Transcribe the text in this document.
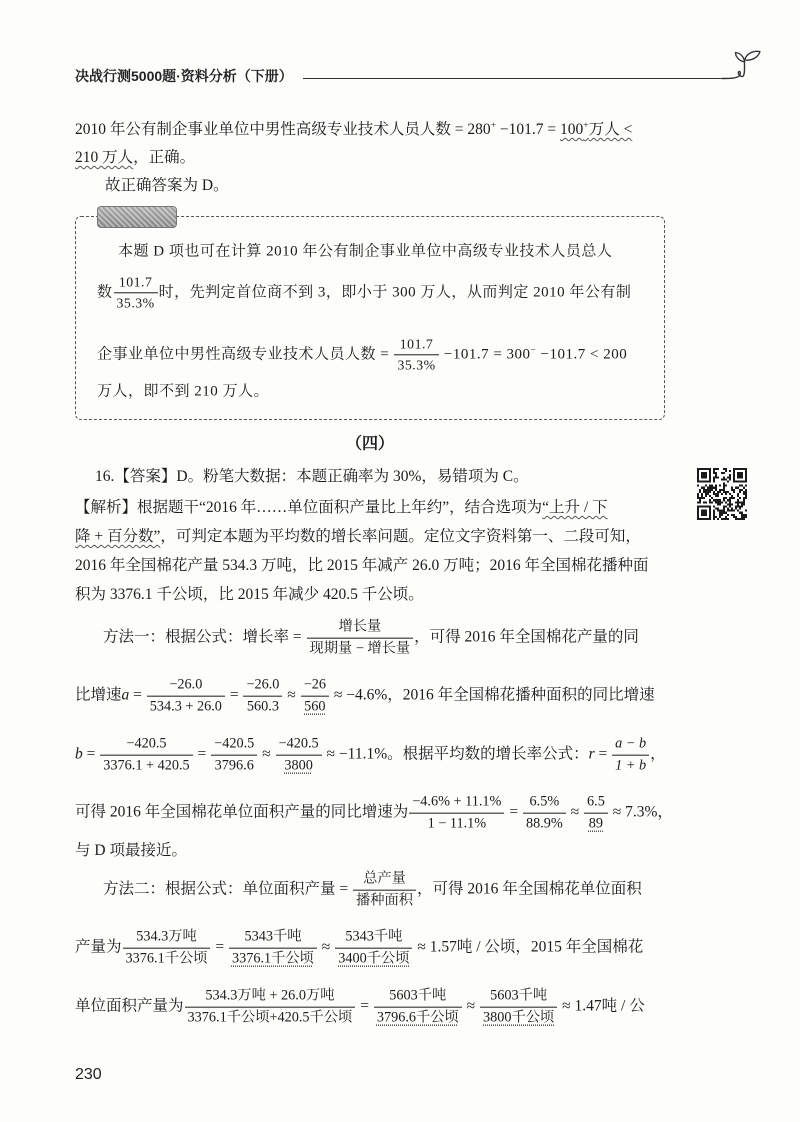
决战行测5000题·资料分析（下册）
2010 年公有制企事业单位中男性高级专业技术人员人数 = 280+ −101.7 = 100+万人 <
210 万人 ，正确。
故正确答案为 D。
本题 D 项也可在计算 2010 年公有制企事业单位中高级专业技术人员总人
数 $\frac{101.7}{35.3\%}$ 时，先判定首位商不到 3，即小于 300 万人，从而判定 2010 年公有制
企事业单位中男性高级专业技术人员人数 = $\frac{101.7}{35.3\%} -101.7 = 300^- -101.7 < 200$
万人，即不到 210 万人。
（四）
16.【答案】D。粉笔大数据：本题正确率为 30%，易错项为 C。
【解析】根据题干“2016 年……单位面积产量比上年约”，结合选项为 “上升 / 下
降 + 百分数” ，可判定本题为平均数的增长率问题。定位文字资料第一、二段可知，
2016 年全国棉花产量 534.3 万吨，比 2015 年减产 26.0 万吨；2016 年全国棉花播种面
积为 3376.1 千公顷，比 2015 年减少 420.5 千公顷。
方法一：根据公式：增长率 = $\frac{\text{增长量}}{\text{现期量 − 增长量}}$ ，可得 2016 年全国棉花产量的同
比增速 $a = \frac{-26.0}{534.3 + 26.0} = \frac{-26.0}{560.3} \approx \frac{-26}{560} \approx -4.6\%$，2016 年全国棉花播种面积的同比增速
$b = \frac{-420.5}{3376.1 + 420.5} = \frac{-420.5}{3796.6} \approx \frac{-420.5}{3800} \approx -11.1\%$。根据平均数的增长率公式： $r = \frac{a - b}{1 + b}$ ，
可得 2016 年全国棉花单位面积产量的同比增速为 $\frac{-4.6\% + 11.1\%}{1 - 11.1\%} = \frac{6.5\%}{88.9\%} \approx \frac{6.5}{89} \approx 7.3\%$，
与 D 项最接近。
方法二：根据公式：单位面积产量 = $\frac{\text{总产量}}{\text{播种面积}}$ ，可得 2016 年全国棉花单位面积
产量为 $\frac{\text{534.3万吨}}{\text{3376.1千公顷}} = \frac{\text{5343千吨}}{\text{3376.1千公顷}} \approx \frac{\text{5343千吨}}{\text{3400千公顷}} \approx 1.57$吨 / 公顷，2015 年全国棉花
单位面积产量为 $\frac{\text{534.3万吨 + 26.0万吨}}{\text{3376.1千公顷+420.5千公顷}} = \frac{\text{5603千吨}}{\text{3796.6千公顷}} \approx \frac{\text{5603千吨}}{\text{3800千公顷}} \approx 1.47$吨 / 公
230
